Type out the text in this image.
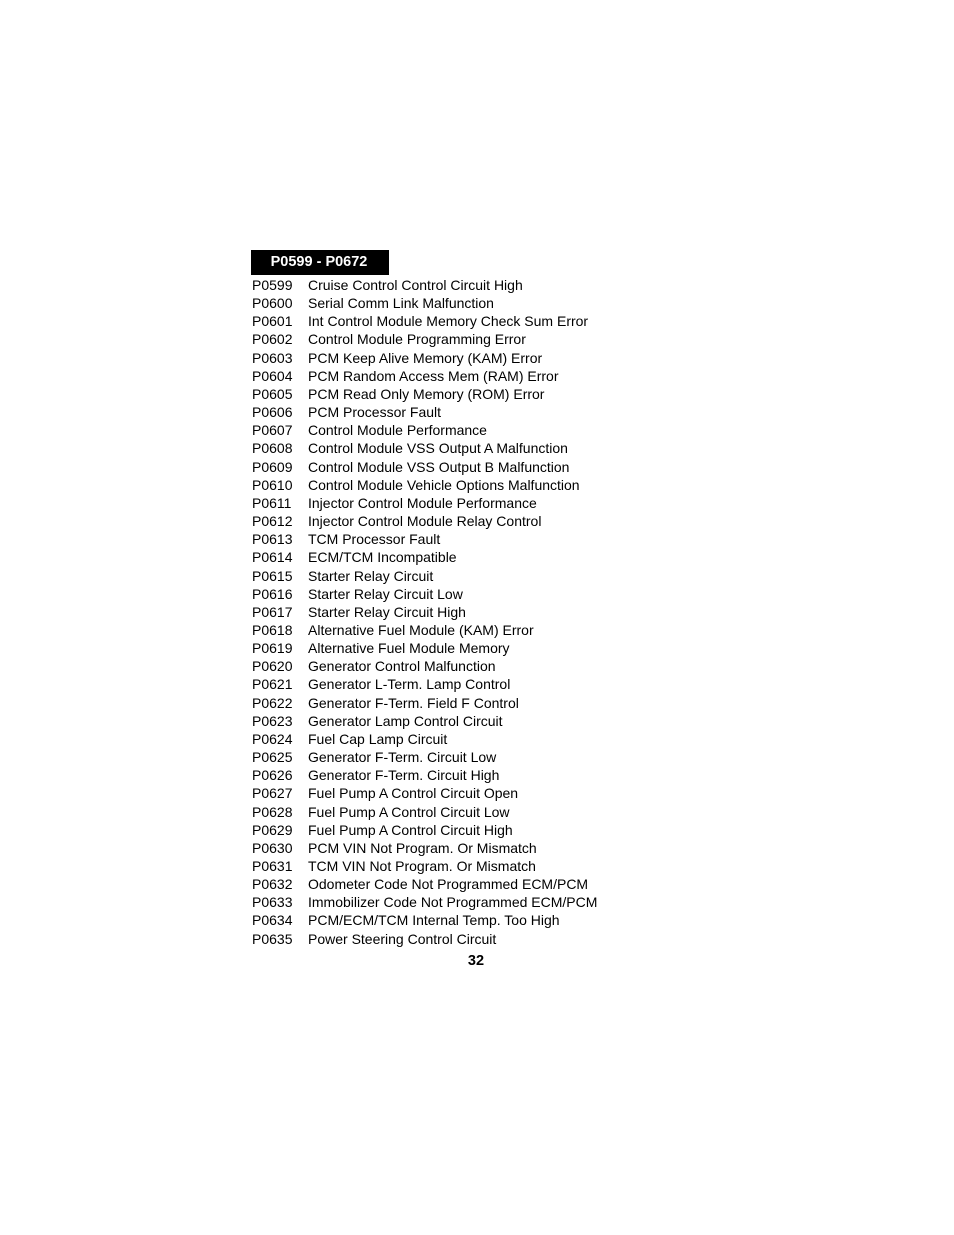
P0599 - P0672
P0599	Cruise Control Control Circuit High
P0600	Serial Comm Link Malfunction
P0601	Int Control Module Memory Check Sum Error
P0602	Control Module Programming Error
P0603	PCM Keep Alive Memory (KAM) Error
P0604	PCM Random Access Mem (RAM) Error
P0605	PCM Read Only Memory (ROM) Error
P0606	PCM Processor Fault
P0607	Control Module Performance
P0608	Control Module VSS Output A Malfunction
P0609	Control Module VSS Output B Malfunction
P0610	Control Module Vehicle Options Malfunction
P0611	Injector Control Module Performance
P0612	Injector Control Module Relay Control
P0613	TCM Processor Fault
P0614	ECM/TCM Incompatible
P0615	Starter Relay Circuit
P0616	Starter Relay Circuit Low
P0617	Starter Relay Circuit High
P0618	Alternative Fuel Module (KAM) Error
P0619	Alternative Fuel Module Memory
P0620	Generator Control Malfunction
P0621	Generator L-Term. Lamp Control
P0622	Generator F-Term. Field F Control
P0623	Generator Lamp Control Circuit
P0624	Fuel Cap Lamp Circuit
P0625	Generator F-Term. Circuit Low
P0626	Generator F-Term. Circuit High
P0627	Fuel Pump A Control Circuit Open
P0628	Fuel Pump A Control Circuit Low
P0629	Fuel Pump A Control Circuit High
P0630	PCM VIN Not Program. Or Mismatch
P0631	TCM VIN Not Program. Or Mismatch
P0632	Odometer Code Not Programmed ECM/PCM
P0633	Immobilizer Code Not Programmed ECM/PCM
P0634	PCM/ECM/TCM Internal Temp. Too High
P0635	Power Steering Control Circuit
32
